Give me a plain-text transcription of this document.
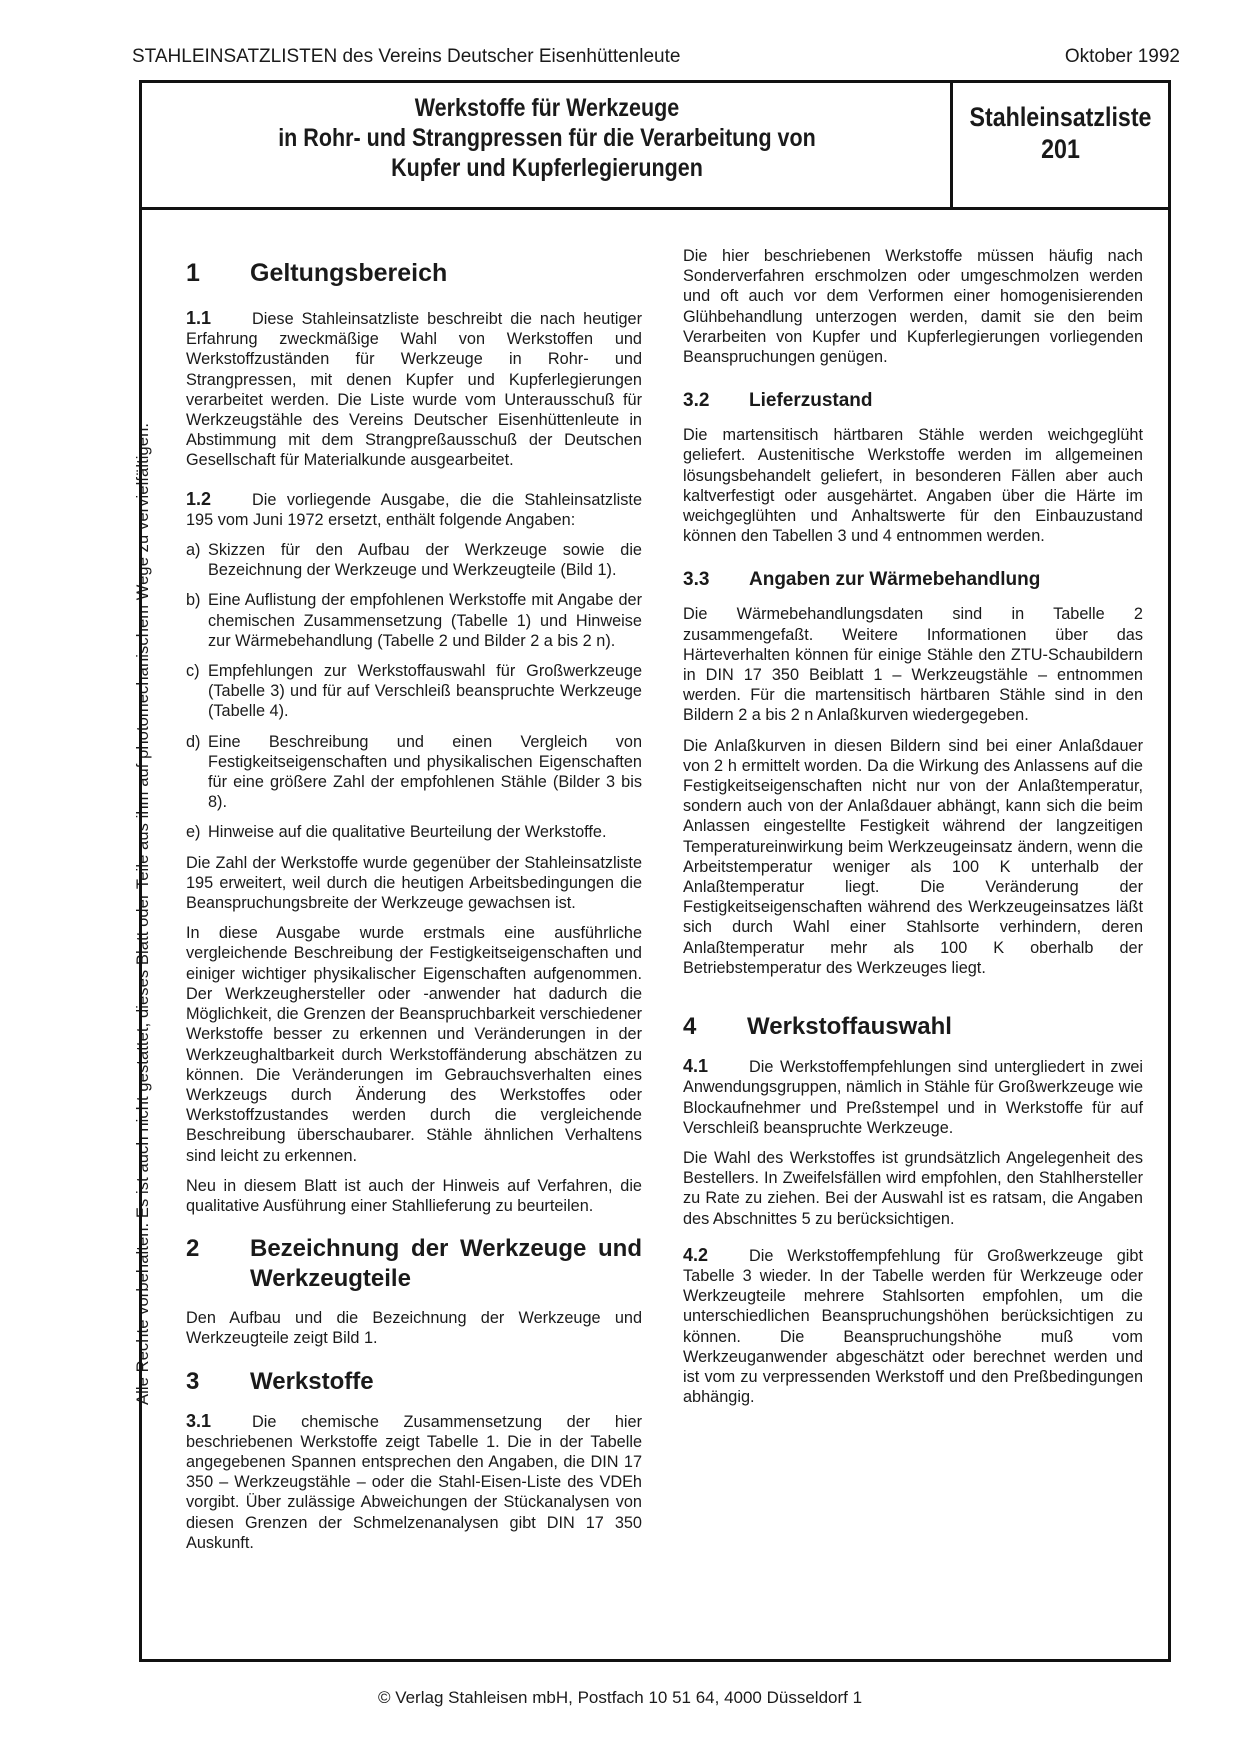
STAHLEINSATZLISTEN des Vereins Deutscher Eisenhüttenleute	Oktober 1992
Alle Rechte vorbehalten. Es ist auch nicht gestattet, dieses Blatt oder Teile aus ihm auf photomechanischem Wege zu vervielfältigen.
Werkstoffe für Werkzeuge
in Rohr- und Strangpressen für die Verarbeitung von
Kupfer und Kupferlegierungen
Stahleinsatzliste
201
1	Geltungsbereich

1.1	Diese Stahleinsatzliste beschreibt die nach heutiger Erfahrung zweckmäßige Wahl von Werkstoffen und Werkstoffzuständen für Werkzeuge in Rohr- und Strangpressen, mit denen Kupfer und Kupferlegierungen verarbeitet werden. Die Liste wurde vom Unterausschuß für Werkzeugstähle des Vereins Deutscher Eisenhüttenleute in Abstimmung mit dem Strangpreßausschuß der Deutschen Gesellschaft für Materialkunde ausgearbeitet.

1.2	Die vorliegende Ausgabe, die die Stahleinsatzliste 195 vom Juni 1972 ersetzt, enthält folgende Angaben:

a) Skizzen für den Aufbau der Werkzeuge sowie die Bezeichnung der Werkzeuge und Werkzeugteile (Bild 1).
b) Eine Auflistung der empfohlenen Werkstoffe mit Angabe der chemischen Zusammensetzung (Tabelle 1) und Hinweise zur Wärmebehandlung (Tabelle 2 und Bilder 2 a bis 2 n).
c) Empfehlungen zur Werkstoffauswahl für Großwerkzeuge (Tabelle 3) und für auf Verschleiß beanspruchte Werkzeuge (Tabelle 4).
d) Eine Beschreibung und einen Vergleich von Festigkeitseigenschaften und physikalischen Eigenschaften für eine größere Zahl der empfohlenen Stähle (Bilder 3 bis 8).
e) Hinweise auf die qualitative Beurteilung der Werkstoffe.

Die Zahl der Werkstoffe wurde gegenüber der Stahleinsatzliste 195 erweitert, weil durch die heutigen Arbeitsbedingungen die Beanspruchungsbreite der Werkzeuge gewachsen ist.

In diese Ausgabe wurde erstmals eine ausführliche vergleichende Beschreibung der Festigkeitseigenschaften und einiger wichtiger physikalischer Eigenschaften aufgenommen. Der Werkzeughersteller oder -anwender hat dadurch die Möglichkeit, die Grenzen der Beanspruchbarkeit verschiedener Werkstoffe besser zu erkennen und Veränderungen in der Werkzeughaltbarkeit durch Werkstoffänderung abschätzen zu können. Die Veränderungen im Gebrauchsverhalten eines Werkzeugs durch Änderung des Werkstoffes oder Werkstoffzustandes werden durch die vergleichende Beschreibung überschaubarer. Stähle ähnlichen Verhaltens sind leicht zu erkennen.

Neu in diesem Blatt ist auch der Hinweis auf Verfahren, die qualitative Ausführung einer Stahllieferung zu beurteilen.

2	Bezeichnung der Werkzeuge und Werkzeugteile

Den Aufbau und die Bezeichnung der Werkzeuge und Werkzeugteile zeigt Bild 1.

3	Werkstoffe

3.1	Die chemische Zusammensetzung der hier beschriebenen Werkstoffe zeigt Tabelle 1. Die in der Tabelle angegebenen Spannen entsprechen den Angaben, die DIN 17 350 – Werkzeugstähle – oder die Stahl-Eisen-Liste des VDEh vorgibt. Über zulässige Abweichungen der Stückanalysen von diesen Grenzen der Schmelzenanalysen gibt DIN 17 350 Auskunft.

Die hier beschriebenen Werkstoffe müssen häufig nach Sonderverfahren erschmolzen oder umgeschmolzen werden und oft auch vor dem Verformen einer homogenisierenden Glühbehandlung unterzogen werden, damit sie den beim Verarbeiten von Kupfer und Kupferlegierungen vorliegenden Beanspruchungen genügen.

3.2	Lieferzustand

Die martensitisch härtbaren Stähle werden weichgeglüht geliefert. Austenitische Werkstoffe werden im allgemeinen lösungsbehandelt geliefert, in besonderen Fällen aber auch kaltverfestigt oder ausgehärtet. Angaben über die Härte im weichgeglühten und Anhaltswerte für den Einbauzustand können den Tabellen 3 und 4 entnommen werden.

3.3	Angaben zur Wärmebehandlung

Die Wärmebehandlungsdaten sind in Tabelle 2 zusammengefaßt. Weitere Informationen über das Härteverhalten können für einige Stähle den ZTU-Schaubildern in DIN 17 350 Beiblatt 1 – Werkzeugstähle – entnommen werden. Für die martensitisch härtbaren Stähle sind in den Bildern 2 a bis 2 n Anlaßkurven wiedergegeben.

Die Anlaßkurven in diesen Bildern sind bei einer Anlaßdauer von 2 h ermittelt worden. Da die Wirkung des Anlassens auf die Festigkeitseigenschaften nicht nur von der Anlaßtemperatur, sondern auch von der Anlaßdauer abhängt, kann sich die beim Anlassen eingestellte Festigkeit während der langzeitigen Temperatureinwirkung beim Werkzeugeinsatz ändern, wenn die Arbeitstemperatur weniger als 100 K unterhalb der Anlaßtemperatur liegt. Die Veränderung der Festigkeitseigenschaften während des Werkzeugeinsatzes läßt sich durch Wahl einer Stahlsorte verhindern, deren Anlaßtemperatur mehr als 100 K oberhalb der Betriebstemperatur des Werkzeuges liegt.

4	Werkstoffauswahl

4.1	Die Werkstoffempfehlungen sind untergliedert in zwei Anwendungsgruppen, nämlich in Stähle für Großwerkzeuge wie Blockaufnehmer und Preßstempel und in Werkstoffe für auf Verschleiß beanspruchte Werkzeuge.

Die Wahl des Werkstoffes ist grundsätzlich Angelegenheit des Bestellers. In Zweifelsfällen wird empfohlen, den Stahlhersteller zu Rate zu ziehen. Bei der Auswahl ist es ratsam, die Angaben des Abschnittes 5 zu berücksichtigen.

4.2	Die Werkstoffempfehlung für Großwerkzeuge gibt Tabelle 3 wieder. In der Tabelle werden für Werkzeuge oder Werkzeugteile mehrere Stahlsorten empfohlen, um die unterschiedlichen Beanspruchungshöhen berücksichtigen zu können. Die Beanspruchungshöhe muß vom Werkzeuganwender abgeschätzt oder berechnet werden und ist vom zu verpressenden Werkstoff und den Preßbedingungen abhängig.

© Verlag Stahleisen mbH, Postfach 10 51 64, 4000 Düsseldorf 1
